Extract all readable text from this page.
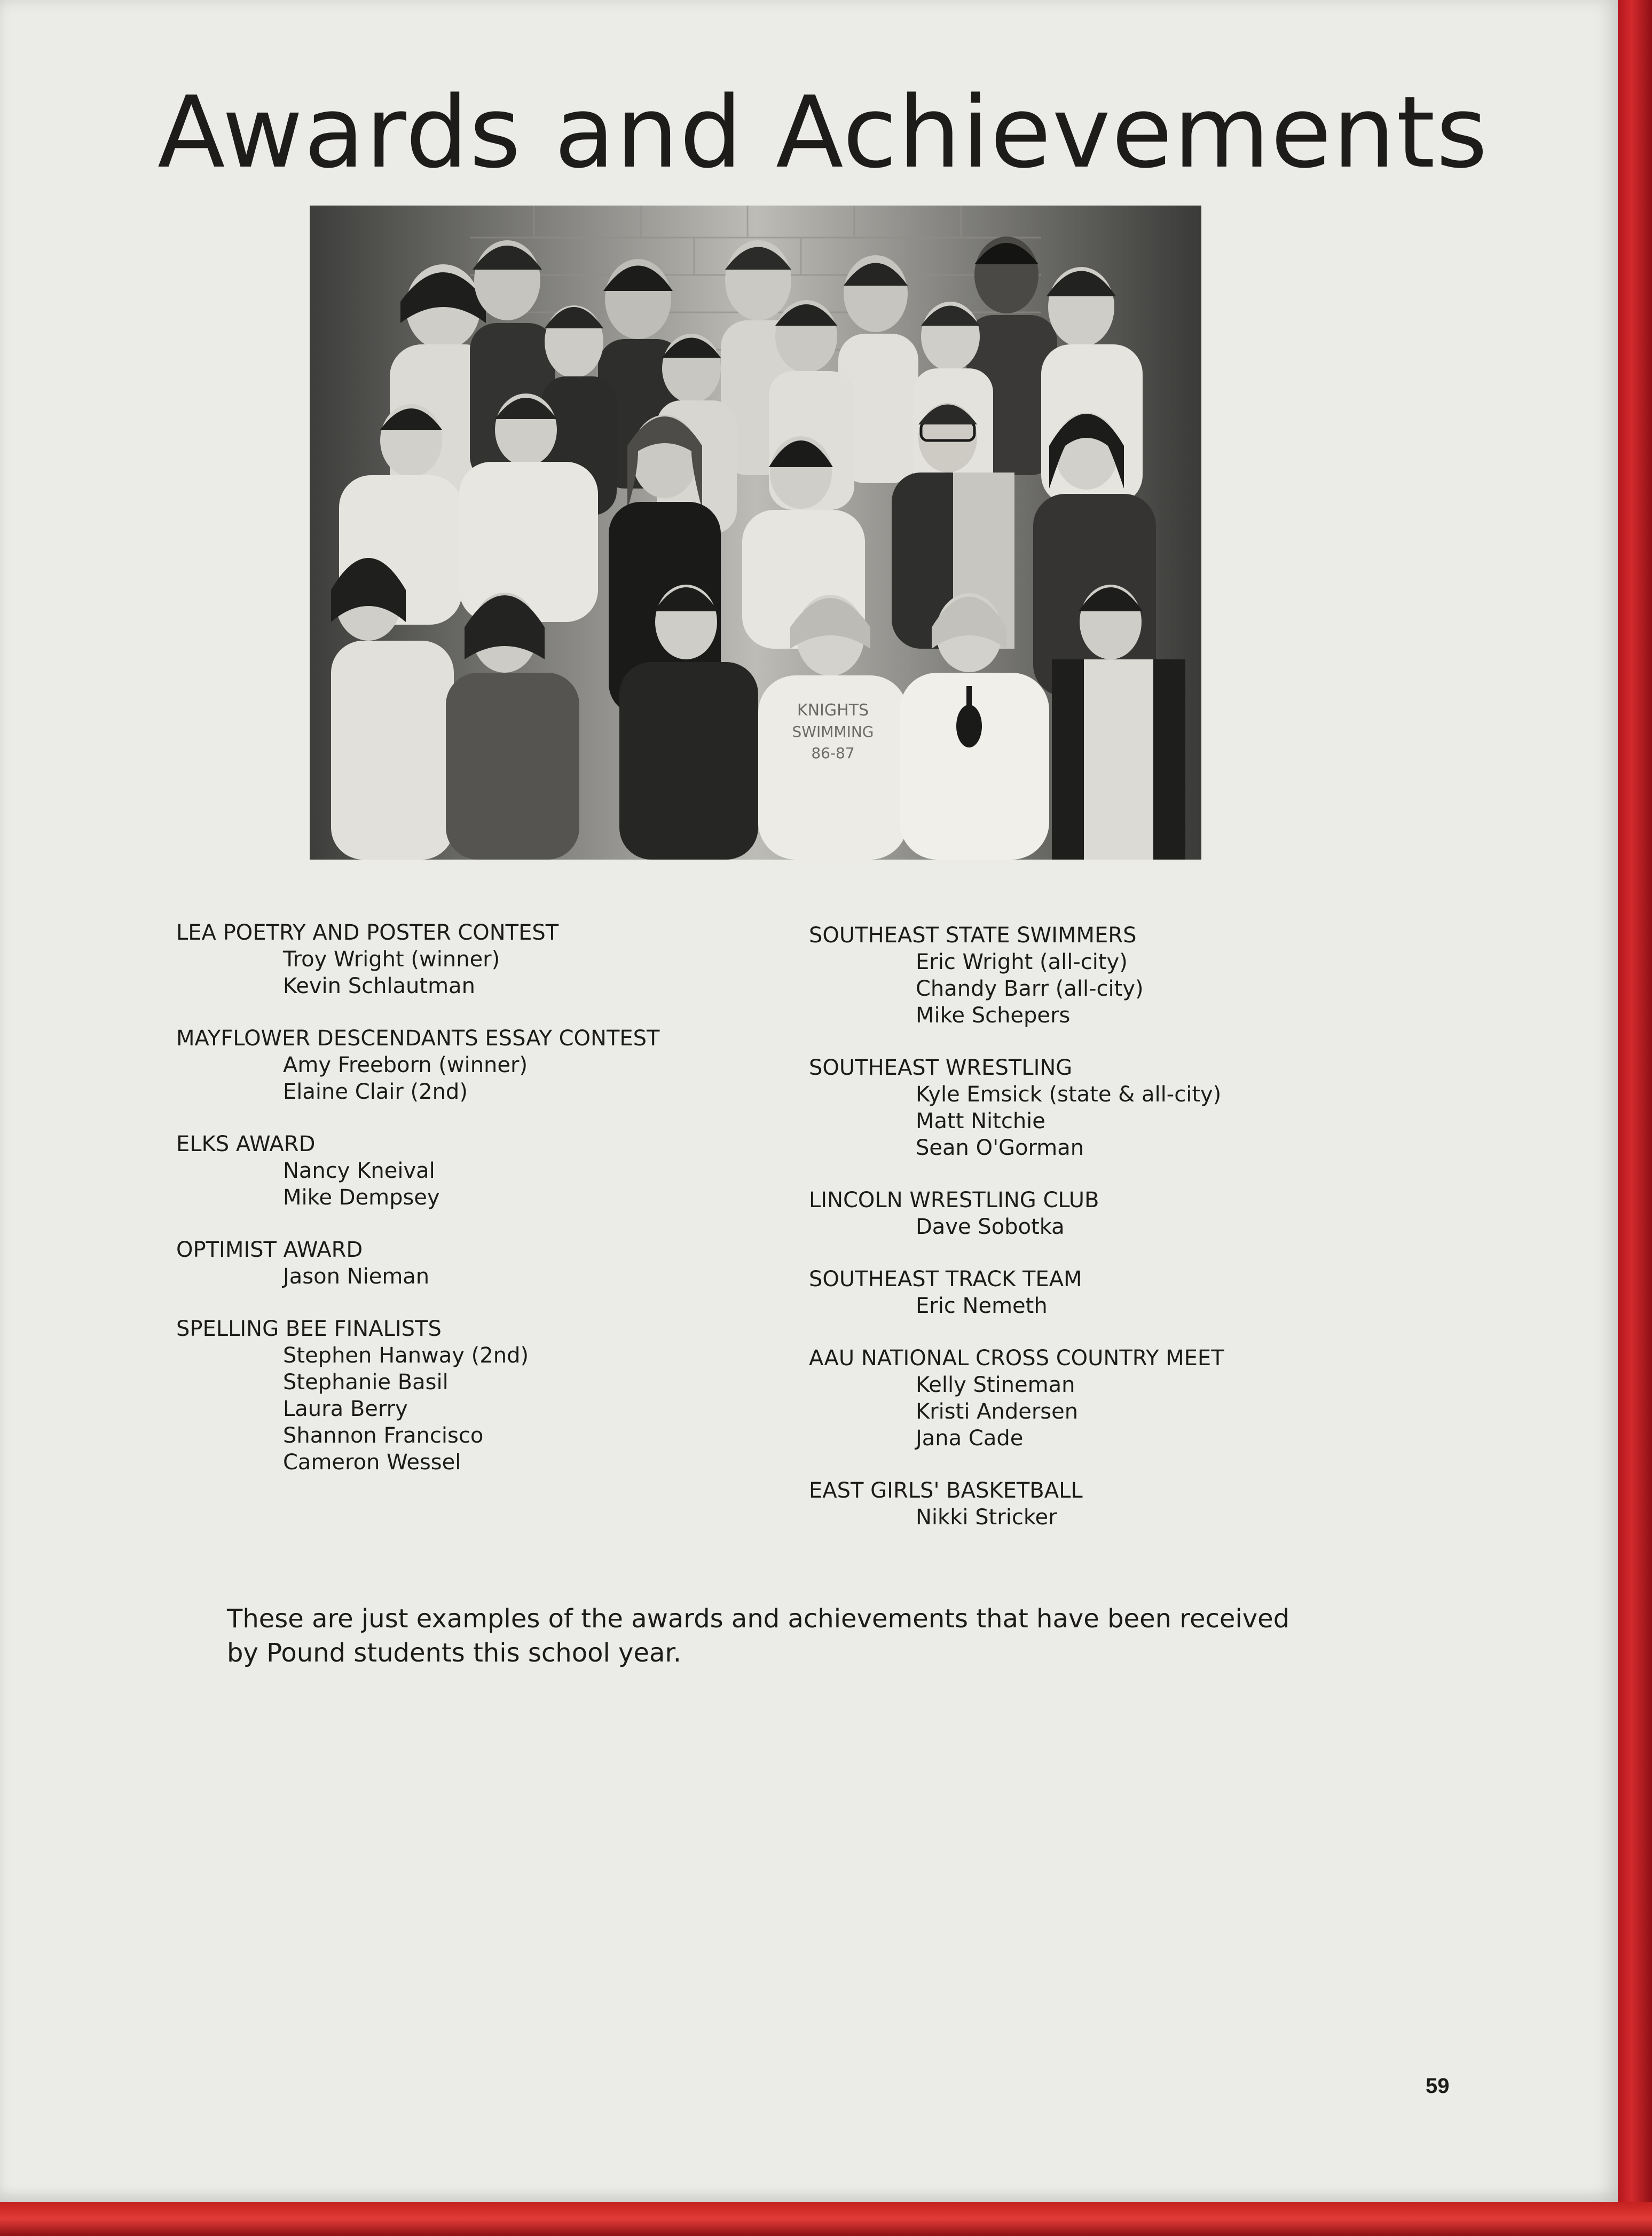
Awards and Achievements
KNIGHTS
SWIMMING
86-87
LEA POETRY AND POSTER CONTEST
Troy Wright (winner)
Kevin Schlautman
MAYFLOWER DESCENDANTS ESSAY CONTEST
Amy Freeborn (winner)
Elaine Clair (2nd)
ELKS AWARD
Nancy Kneival
Mike Dempsey
OPTIMIST AWARD
Jason Nieman
SPELLING BEE FINALISTS
Stephen Hanway (2nd)
Stephanie Basil
Laura Berry
Shannon Francisco
Cameron Wessel
SOUTHEAST STATE SWIMMERS
Eric Wright (all-city)
Chandy Barr (all-city)
Mike Schepers
SOUTHEAST WRESTLING
Kyle Emsick (state & all-city)
Matt Nitchie
Sean O'Gorman
LINCOLN WRESTLING CLUB
Dave Sobotka
SOUTHEAST TRACK TEAM
Eric Nemeth
AAU NATIONAL CROSS COUNTRY MEET
Kelly Stineman
Kristi Andersen
Jana Cade
EAST GIRLS' BASKETBALL
Nikki Stricker
These are just examples of the awards and achievements that have been received by Pound students this school year.
59
